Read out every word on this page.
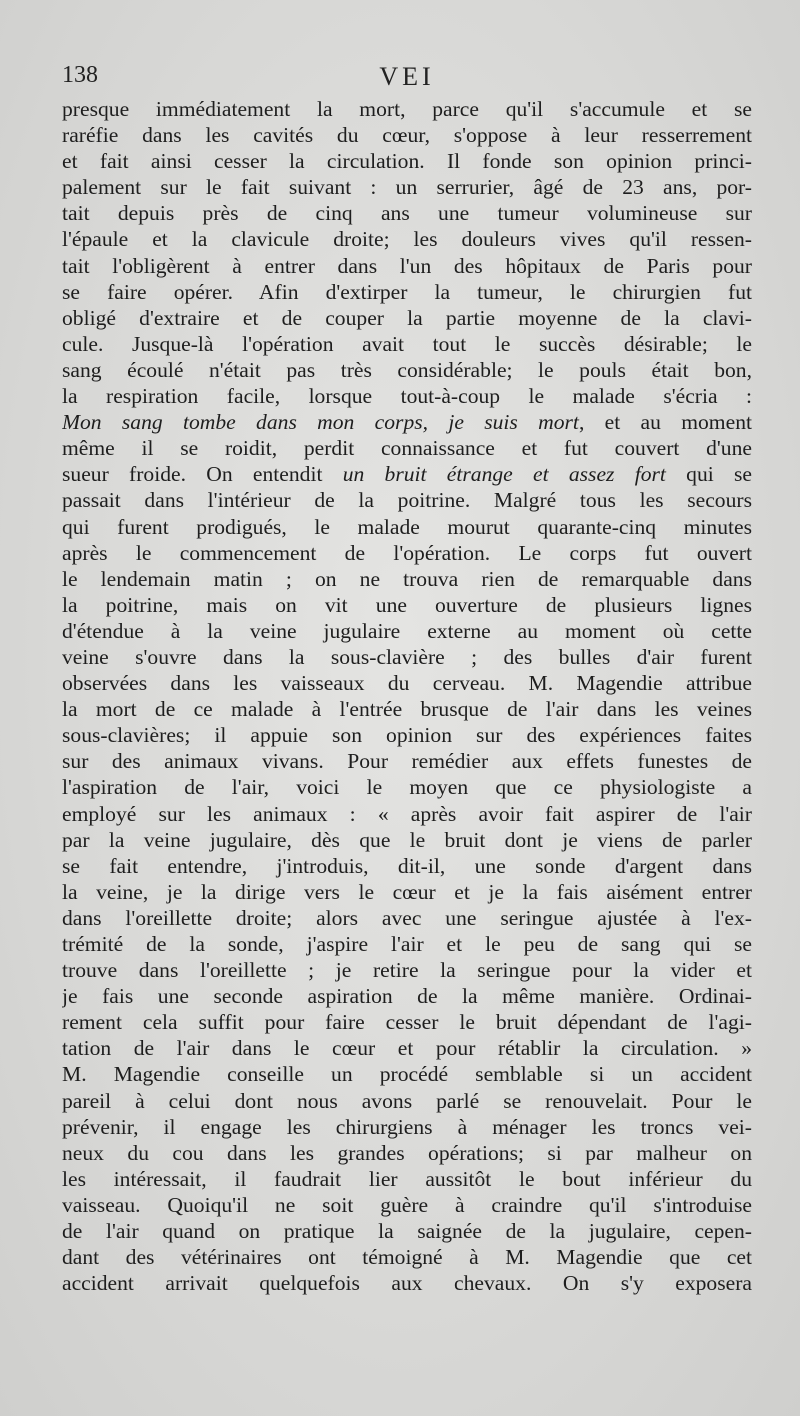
138	VEI
presque immédiatement la mort, parce qu'il s'accumule et se
raréfie dans les cavités du cœur, s'oppose à leur resserrement
et fait ainsi cesser la circulation. Il fonde son opinion princi-
palement sur le fait suivant : un serrurier, âgé de 23 ans, por-
tait depuis près de cinq ans une tumeur volumineuse sur
l'épaule et la clavicule droite; les douleurs vives qu'il ressen-
tait l'obligèrent à entrer dans l'un des hôpitaux de Paris pour
se faire opérer. Afin d'extirper la tumeur, le chirurgien fut
obligé d'extraire et de couper la partie moyenne de la clavi-
cule. Jusque-là l'opération avait tout le succès désirable; le
sang écoulé n'était pas très considérable; le pouls était bon,
la respiration facile, lorsque tout-à-coup le malade s'écria :
Mon sang tombe dans mon corps, je suis mort, et au moment
même il se roidit, perdit connaissance et fut couvert d'une
sueur froide. On entendit un bruit étrange et assez fort qui se
passait dans l'intérieur de la poitrine. Malgré tous les secours
qui furent prodigués, le malade mourut quarante-cinq minutes
après le commencement de l'opération. Le corps fut ouvert
le lendemain matin ; on ne trouva rien de remarquable dans
la poitrine, mais on vit une ouverture de plusieurs lignes
d'étendue à la veine jugulaire externe au moment où cette
veine s'ouvre dans la sous-clavière ; des bulles d'air furent
observées dans les vaisseaux du cerveau. M. Magendie attribue
la mort de ce malade à l'entrée brusque de l'air dans les veines
sous-clavières; il appuie son opinion sur des expériences faites
sur des animaux vivans. Pour remédier aux effets funestes de
l'aspiration de l'air, voici le moyen que ce physiologiste a
employé sur les animaux : « après avoir fait aspirer de l'air
par la veine jugulaire, dès que le bruit dont je viens de parler
se fait entendre, j'introduis, dit-il, une sonde d'argent dans
la veine, je la dirige vers le cœur et je la fais aisément entrer
dans l'oreillette droite; alors avec une seringue ajustée à l'ex-
trémité de la sonde, j'aspire l'air et le peu de sang qui se
trouve dans l'oreillette ; je retire la seringue pour la vider et
je fais une seconde aspiration de la même manière. Ordinai-
rement cela suffit pour faire cesser le bruit dépendant de l'agi-
tation de l'air dans le cœur et pour rétablir la circulation. »
M. Magendie conseille un procédé semblable si un accident
pareil à celui dont nous avons parlé se renouvelait. Pour le
prévenir, il engage les chirurgiens à ménager les troncs vei-
neux du cou dans les grandes opérations; si par malheur on
les intéressait, il faudrait lier aussitôt le bout inférieur du
vaisseau. Quoiqu'il ne soit guère à craindre qu'il s'introduise
de l'air quand on pratique la saignée de la jugulaire, cepen-
dant des vétérinaires ont témoigné à M. Magendie que cet
accident arrivait quelquefois aux chevaux. On s'y exposera
